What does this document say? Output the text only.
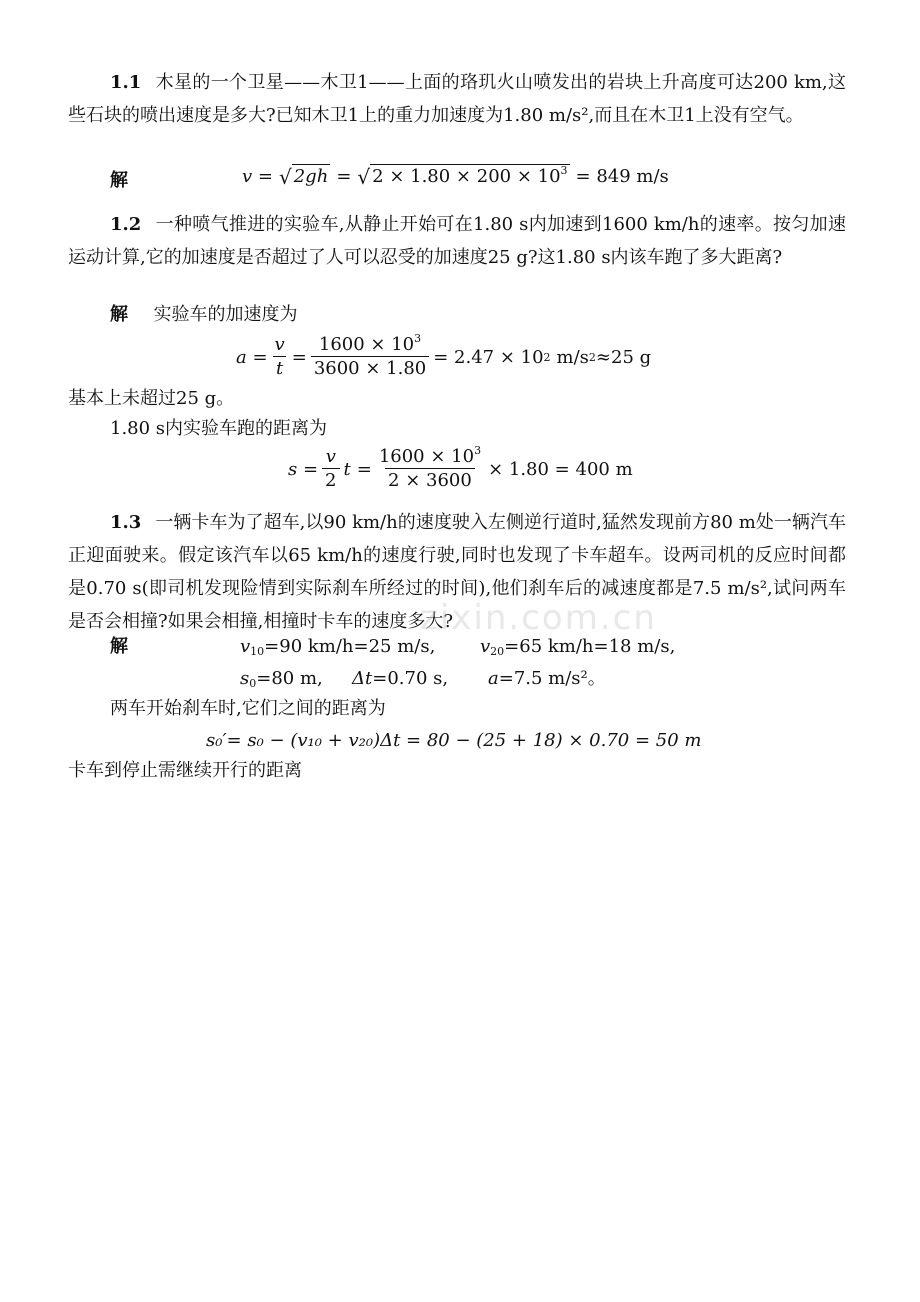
1.1 木星的一个卫星——木卫1——上面的珞玑火山喷发出的岩块上升高度可达200 km,这些石块的喷出速度是多大?已知木卫1上的重力加速度为1.80 m/s²,而且在木卫1上没有空气。
解	v = √ 2gh = √ $2 \times 1.80 \times 200 \times 10^3 = 849$ m/s
1.2 一种喷气推进的实验车,从静止开始可在1.80 s内加速到1600 km/h的速率。按匀加速运动计算,它的加速度是否超过了人可以忍受的加速度25 g?这1.80 s内该车跑了多大距离?
解 实验车的加速度为
$a = \frac{v}{t} = \frac{1600 \times 10^3}{3600 \times 1.80} = 2.47 \times 10$ 2 m/s 2 ≈25 g
基本上未超过25 g。
1.80 s内实验车跑的距离为
$s = \frac{v}{2}$ $t = \frac{1600 \times 10^3}{2 \times 3600} \times 1.80 = 400$ m
1.3 一辆卡车为了超车,以90 km/h的速度驶入左侧逆行道时,猛然发现前方80 m处一辆汽车正迎面驶来。假定该汽车以65 km/h的速度行驶,同时也发现了卡车超车。设两司机的反应时间都是0.70 s(即司机发现险情到实际刹车所经过的时间),他们刹车后的减速度都是7.5 m/s²,试问两车是否会相撞?如果会相撞,相撞时卡车的速度多大?
解	$v_{10}=90$ km/h=25 m/s, $v_{20}=65$ km/h=18 m/s,
$s_0=80$ m, Δt=0.70 s, a=7.5 m/s²。
两车开始刹车时,它们之间的距离为
s₀′= s₀ − (v₁₀ + v₂₀)Δt = 80 − (25 + 18) × 0.70 = 50 m
卡车到停止需继续开行的距离
zixin.com.cn
